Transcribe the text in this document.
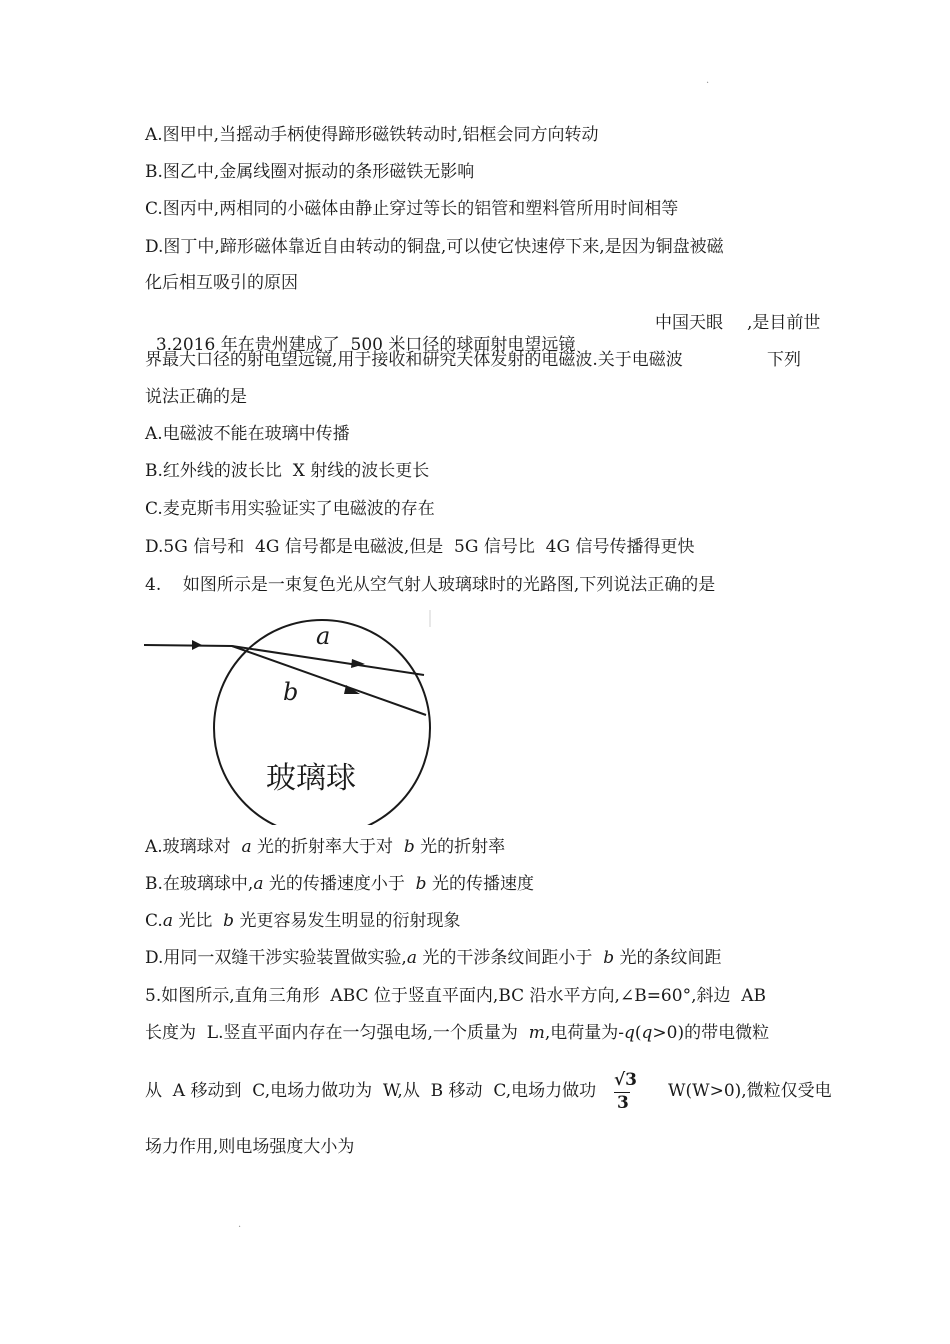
·
·
A.图甲中,当摇动手柄使得蹄形磁铁转动时,铝框会同方向转动
B.图乙中,金属线圈对振动的条形磁铁无影响
C.图丙中,两相同的小磁体由静止穿过等长的铝管和塑料管所用时间相等
D.图丁中,蹄形磁体靠近自由转动的铜盘,可以使它快速停下来,是因为铜盘被磁
化后相互吸引的原因

3.2016 年在贵州建成了  500 米口径的球面射电望远镜

中国天眼 ,是目前世
界最大口径的射电望远镜,用于接收和研究天体发射的电磁波.关于电磁波	下列
说法正确的是
A.电磁波不能在玻璃中传播
B.红外线的波长比  X 射线的波长更长
C.麦克斯韦用实验证实了电磁波的存在
D.5G 信号和  4G 信号都是电磁波,但是  5G 信号比  4G 信号传播得更快
4.    如图所示是一束复色光从空气射人玻璃球时的光路图,下列说法正确的是
a
b
玻璃球
A.玻璃球对  a 光的折射率大于对  b 光的折射率
B.在玻璃球中,a 光的传播速度小于  b 光的传播速度
C.a 光比  b 光更容易发生明显的衍射现象
D.用同一双缝干涉实验装置做实验,a 光的干涉条纹间距小于  b 光的条纹间距
5.如图所示,直角三角形  ABC 位于竖直平面内,BC 沿水平方向,∠B=60°,斜边  AB
长度为  L.竖直平面内存在一匀强电场,一个质量为  m,电荷量为-q(q>0)的带电微粒
从  A 移动到  C,电场力做功为  W,从  B 移动  C,电场力做功
√3
3
W(W>0),微粒仅受电
场力作用,则电场强度大小为
